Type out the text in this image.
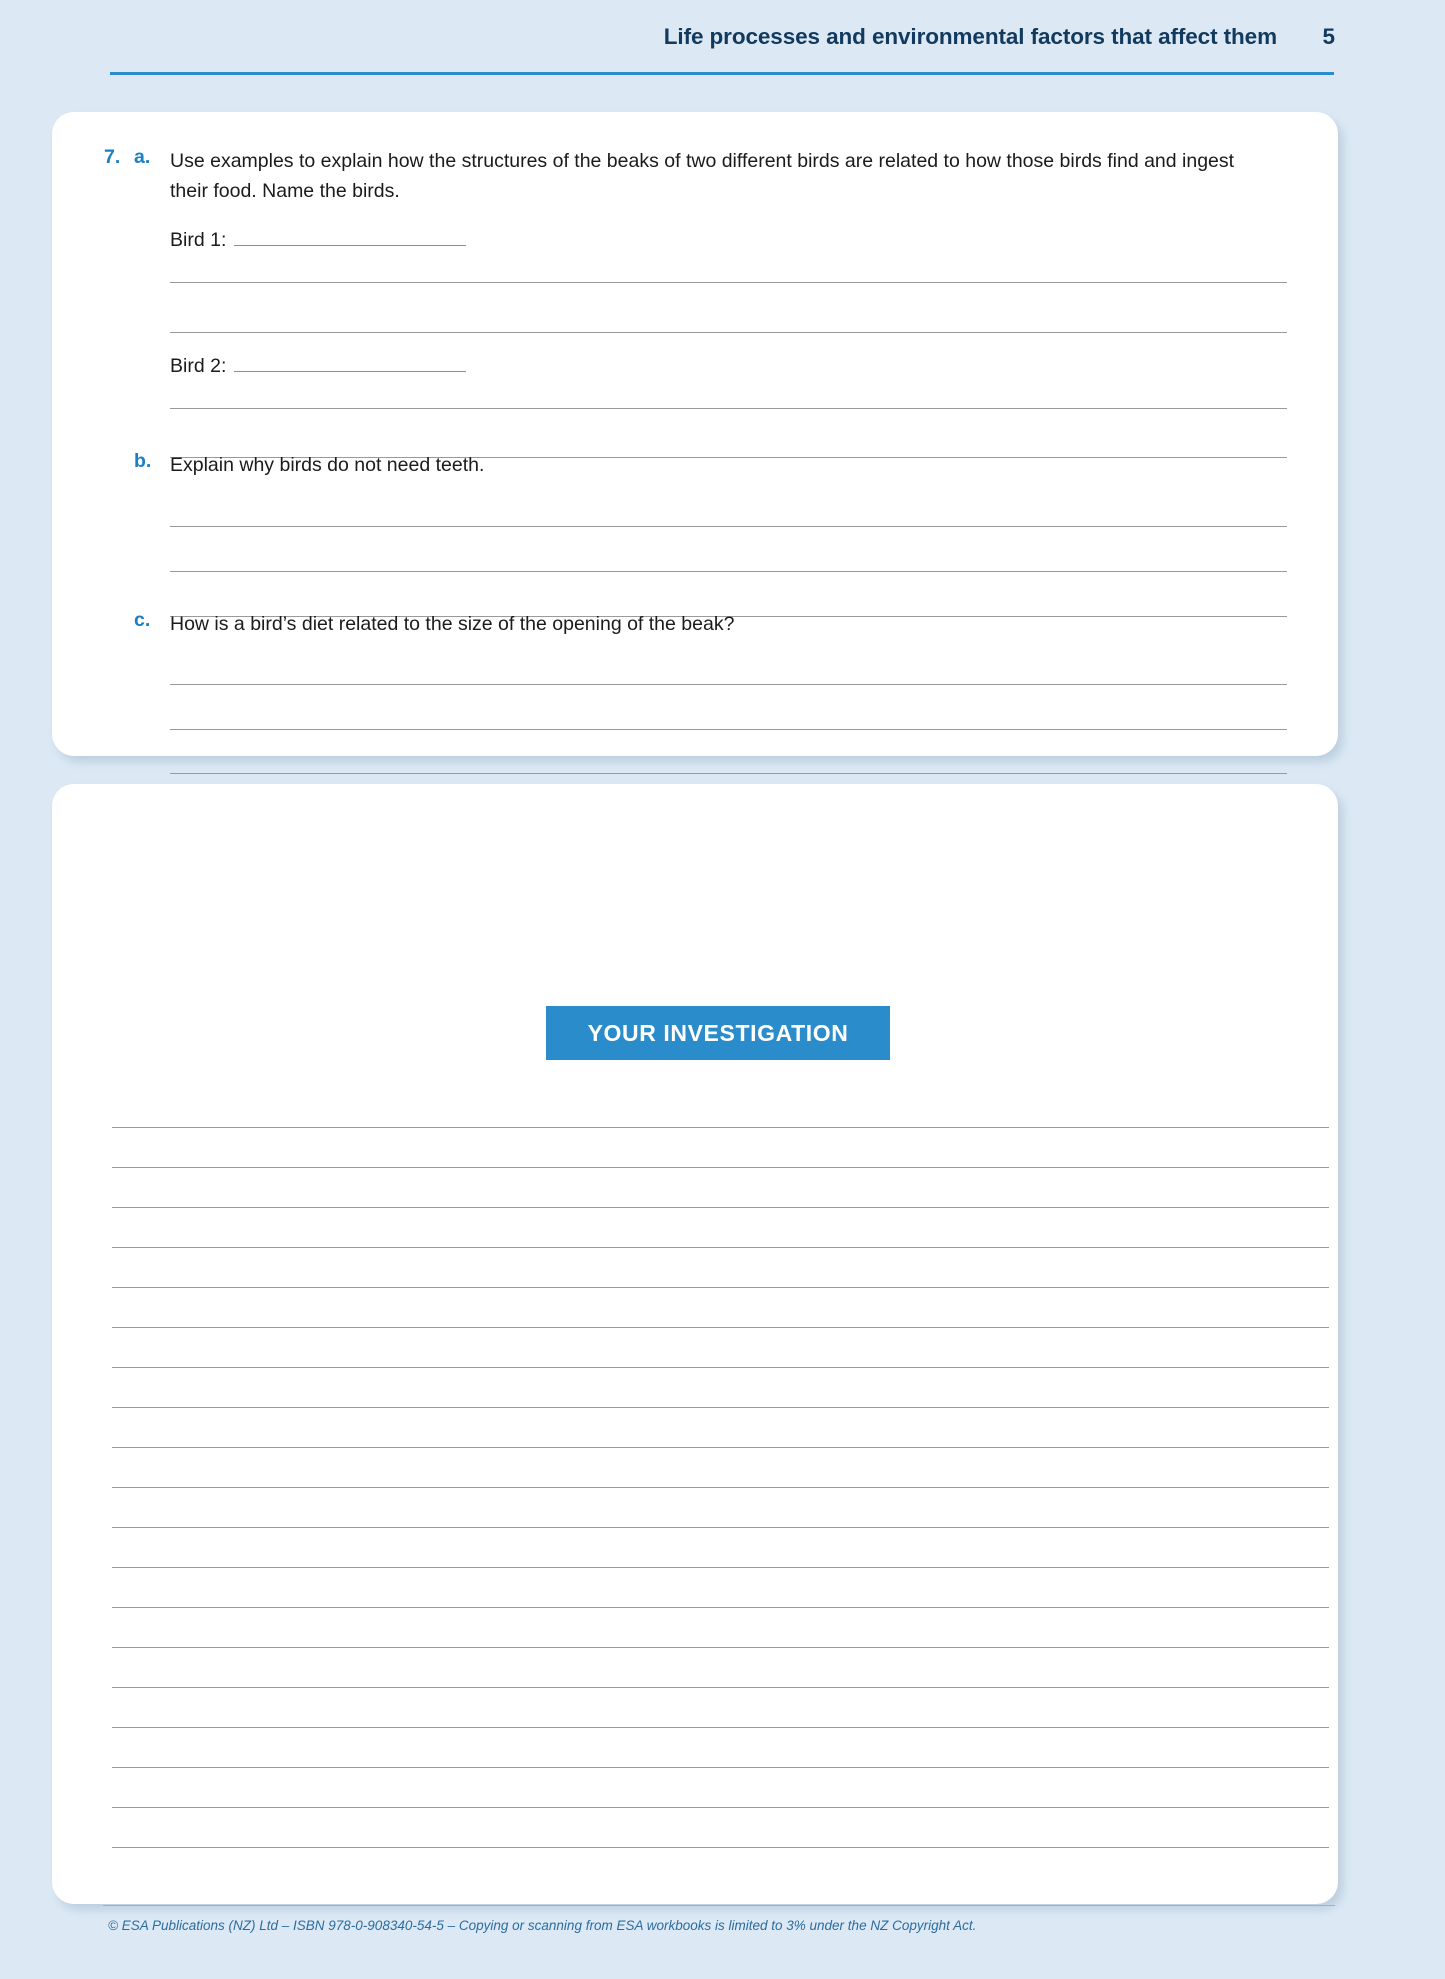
Life processes and environmental factors that affect them	5
7. a.	Use examples to explain how the structures of the beaks of two different birds are related to how those birds find and ingest their food. Name the birds.
Bird 1:
Bird 2:
b. Explain why birds do not need teeth.
c.	How is a bird’s diet related to the size of the opening of the beak?
YOUR INVESTIGATION
© ESA Publications (NZ) Ltd – ISBN 978-0-908340-54-5 – Copying or scanning from ESA workbooks is limited to 3% under the NZ Copyright Act.
